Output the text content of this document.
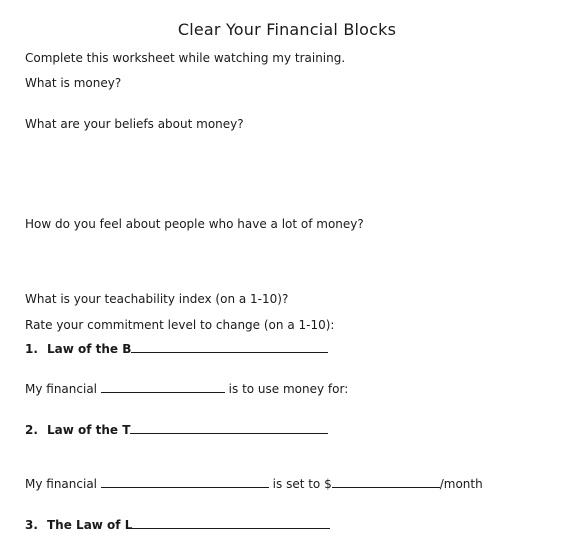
Clear Your Financial Blocks
Complete this worksheet while watching my training.
What is money?
What are your beliefs about money?
How do you feel about people who have a lot of money?
What is your teachability index (on a 1-10)?
Rate your commitment level to change (on a 1-10):
1. Law of the B
My financial	is to use money for:
2. Law of the T
My financial	is set to $	/month
3. The Law of L
